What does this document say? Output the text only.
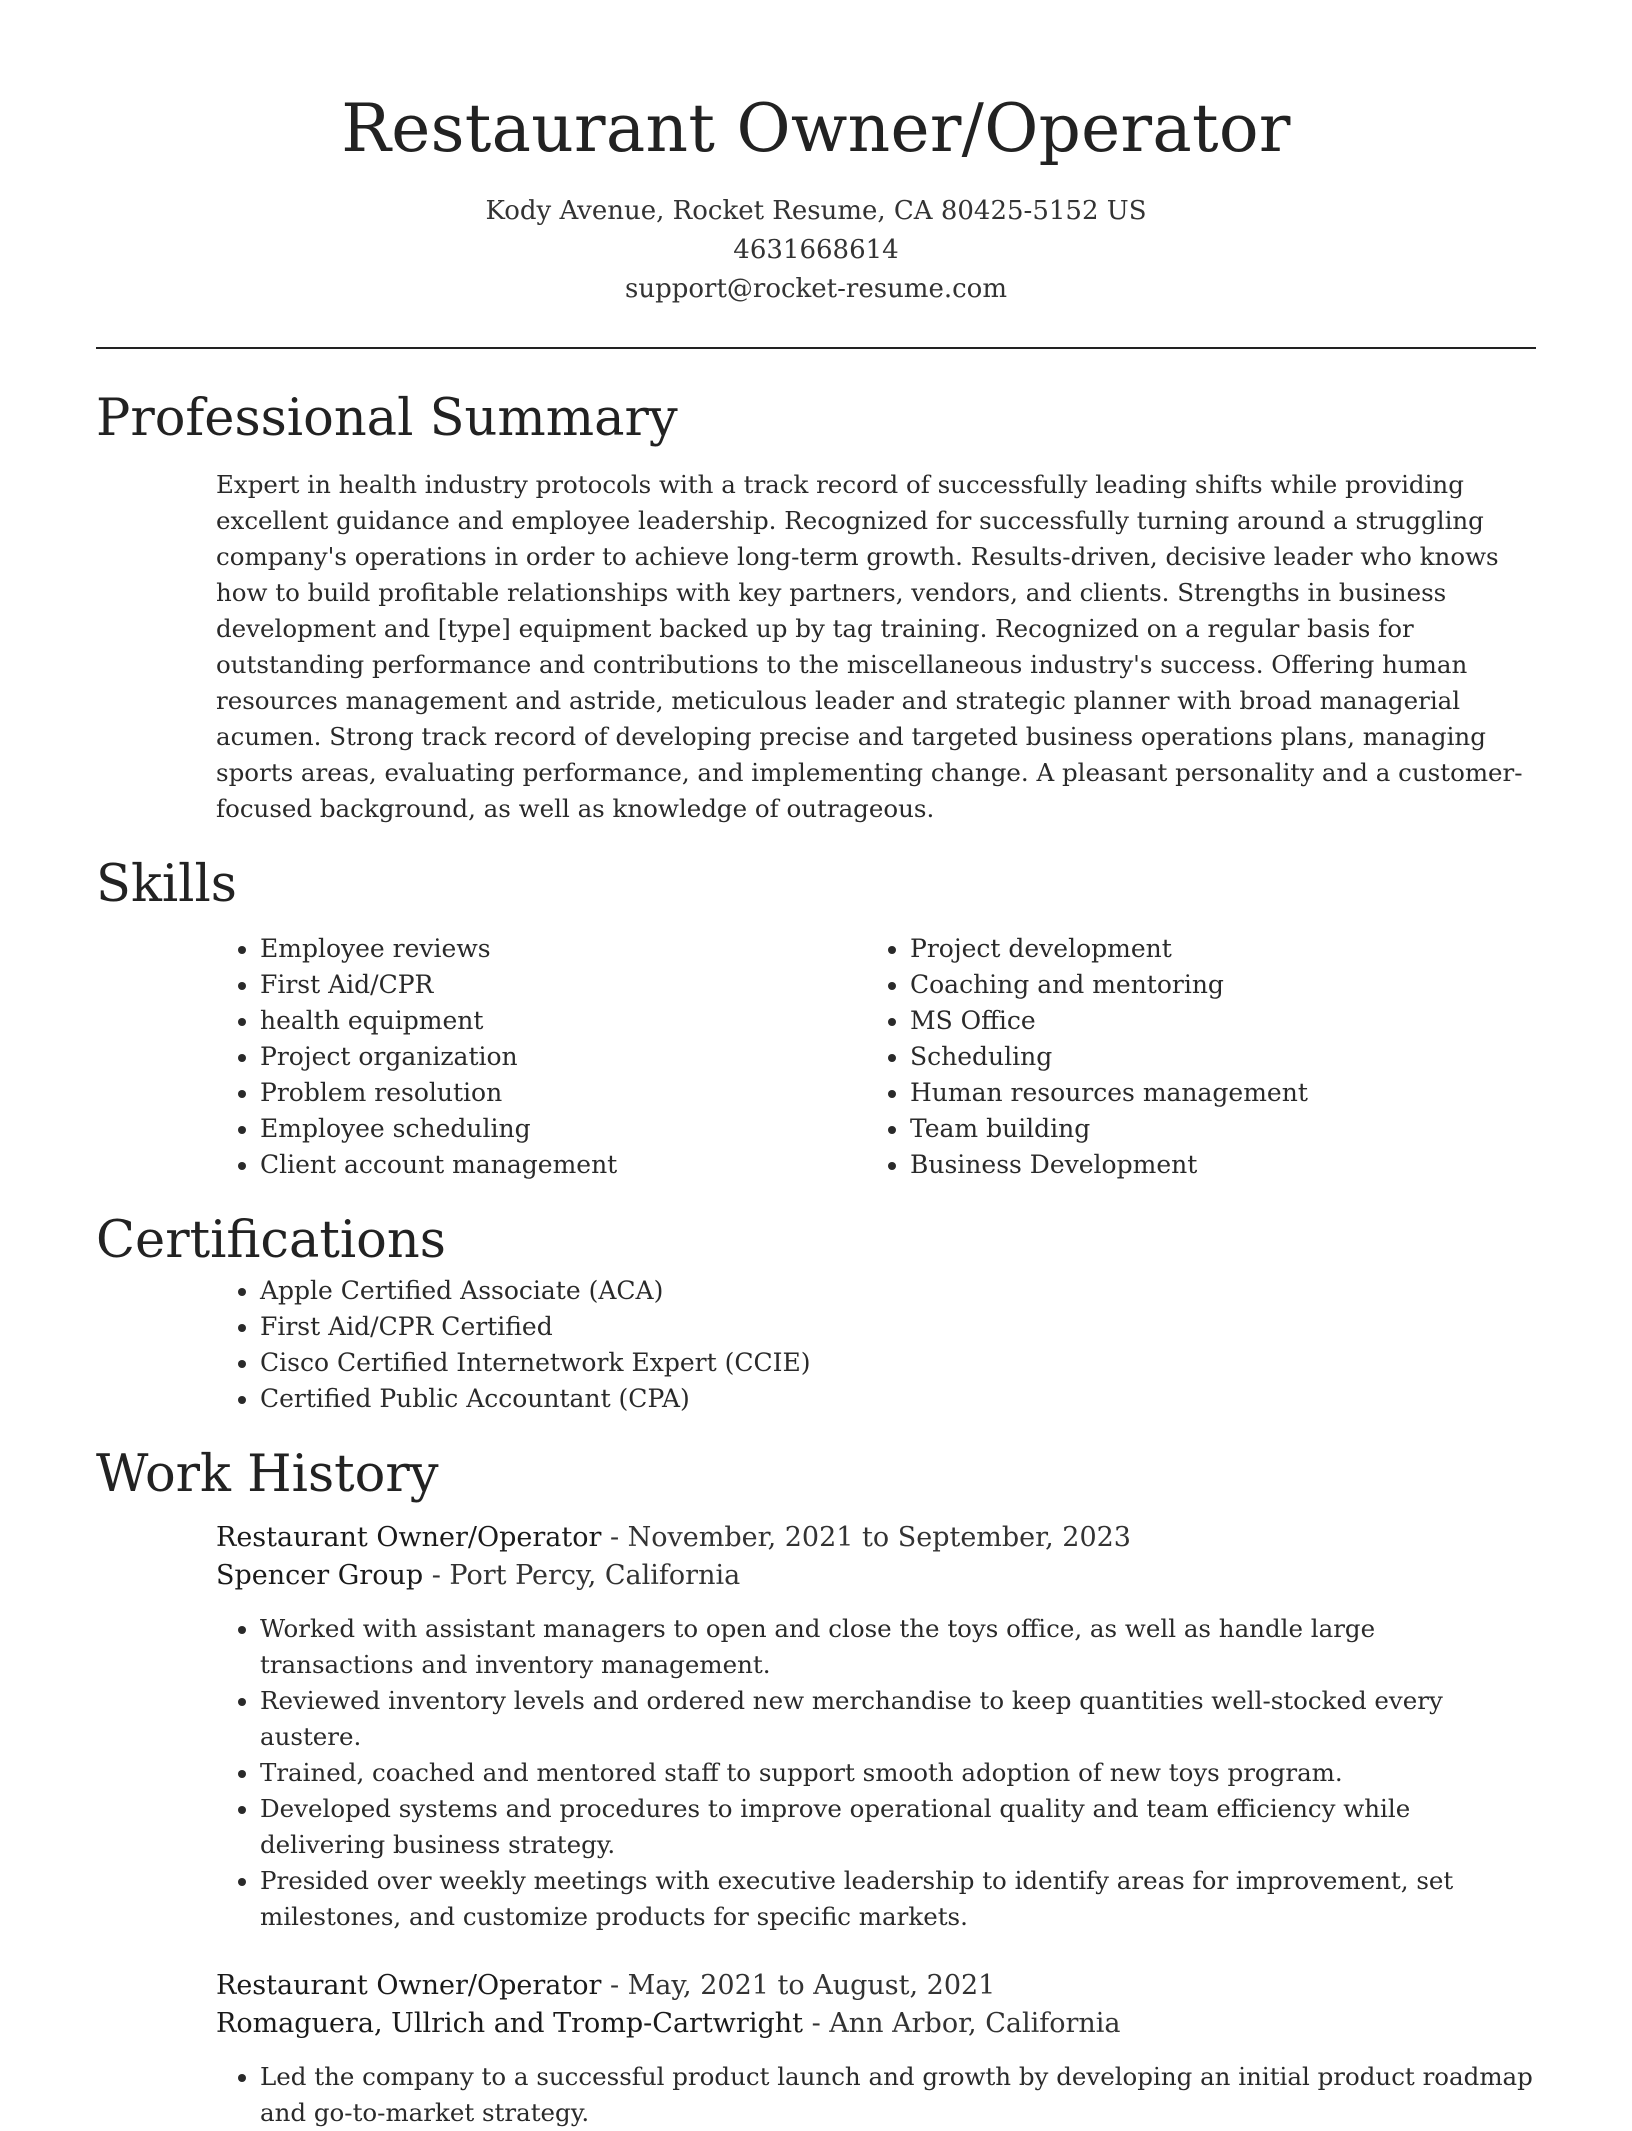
Restaurant Owner/Operator
Kody Avenue, Rocket Resume, CA 80425-5152 US
4631668614
support@rocket-resume.com
Professional Summary

Expert in health industry protocols with a track record of successfully leading shifts while providing excellent guidance and employee leadership. Recognized for successfully turning around a struggling company's operations in order to achieve long-term growth. Results-driven, decisive leader who knows how to build profitable relationships with key partners, vendors, and clients. Strengths in business development and [type] equipment backed up by tag training. Recognized on a regular basis for outstanding performance and contributions to the miscellaneous industry's success. Offering human resources management and astride, meticulous leader and strategic planner with broad managerial acumen. Strong track record of developing precise and targeted business operations plans, managing sports areas, evaluating performance, and implementing change. A pleasant personality and a customer-focused background, as well as knowledge of outrageous.

Skills
• Employee reviews
• First Aid/CPR
• health equipment
• Project organization
• Problem resolution
• Employee scheduling
• Client account management
• Project development
• Coaching and mentoring
• MS Office
• Scheduling
• Human resources management
• Team building
• Business Development
Certifications
• Apple Certified Associate (ACA)
• First Aid/CPR Certified
• Cisco Certified Internetwork Expert (CCIE)
• Certified Public Accountant (CPA)
Work History
Restaurant Owner/Operator - November, 2021 to September, 2023
Spencer Group - Port Percy, California
• Worked with assistant managers to open and close the toys office, as well as handle large transactions and inventory management.
• Reviewed inventory levels and ordered new merchandise to keep quantities well-stocked every austere.
• Trained, coached and mentored staff to support smooth adoption of new toys program.
• Developed systems and procedures to improve operational quality and team efficiency while delivering business strategy.
• Presided over weekly meetings with executive leadership to identify areas for improvement, set milestones, and customize products for specific markets.
Restaurant Owner/Operator - May, 2021 to August, 2021
Romaguera, Ullrich and Tromp-Cartwright - Ann Arbor, California
• Led the company to a successful product launch and growth by developing an initial product roadmap and go-to-market strategy.
